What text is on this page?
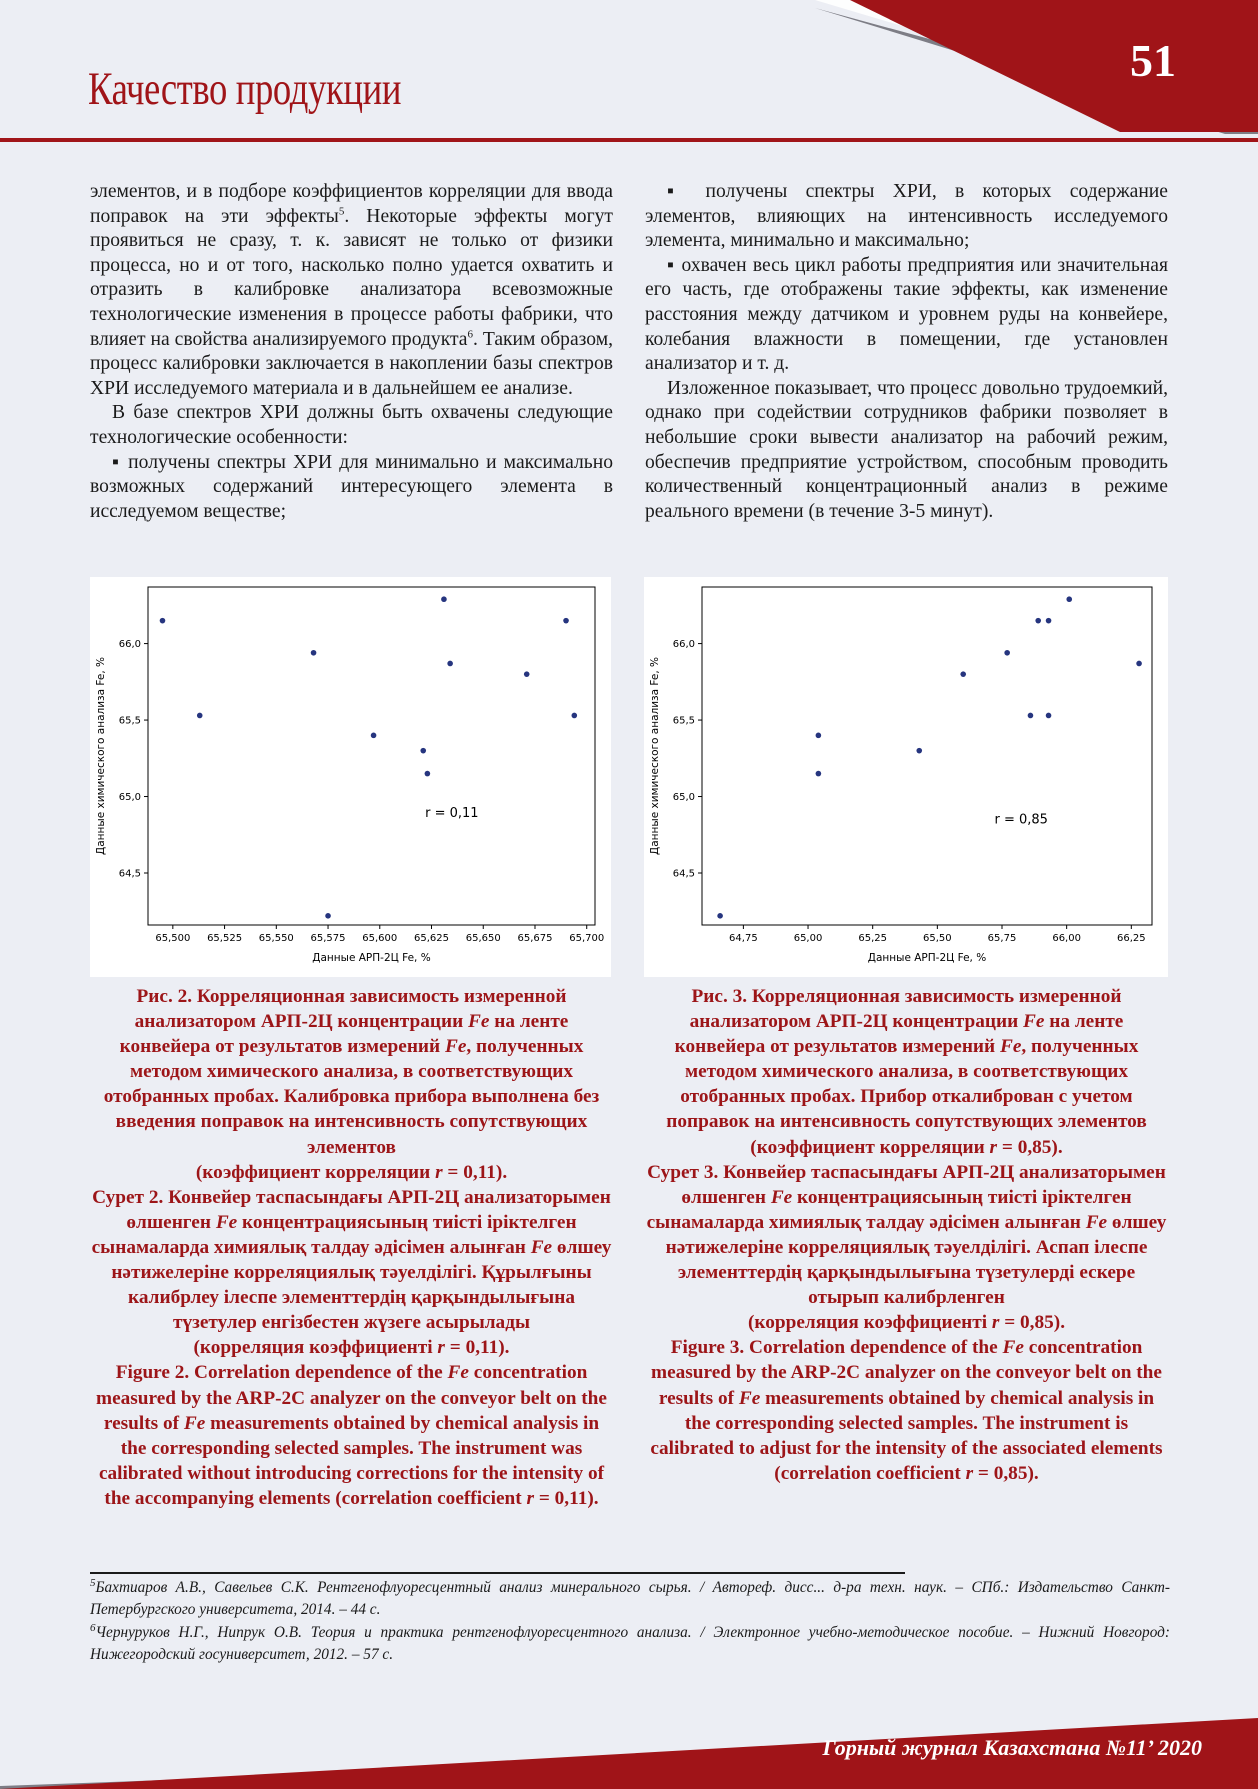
Качество продукции
51

элементов, и в подборе коэффициентов корреляции для ввода поправок на эти эффекты$^5$. Некоторые эффекты могут проявиться не сразу, т. к. зависят не только от физики процесса, но и от того, насколько полно удается охватить и отразить в калибровке анализатора всевозможные технологические изменения в процессе работы фабрики, что влияет на свойства анализируемого продукта$^6$. Таким образом, процесс калибровки заключается в накоплении базы спектров ХРИ исследуемого материала и в дальнейшем ее анализе.

В базе спектров ХРИ должны быть охвачены следующие технологические особенности:

▪ получены спектры ХРИ для минимально и максимально возможных содержаний интересующего элемента в исследуемом веществе;

▪ получены спектры ХРИ, в которых содержание элементов, влияющих на интенсивность исследуемого элемента, минимально и максимально;

▪ охвачен весь цикл работы предприятия или значительная его часть, где отображены такие эффекты, как изменение расстояния между датчиком и уровнем руды на конвейере, колебания влажности в помещении, где установлен анализатор и т. д.

Изложенное показывает, что процесс довольно трудоемкий, однако при содействии сотрудников фабрики позволяет в небольшие сроки вывести анализатор на рабочий режим, обеспечив предприятие устройством, способным проводить количественный концентрационный анализ в режиме реального времени (в течение 3-5 минут).

65,500 65,525 65,550 65,575 65,600 65,625 65,650 65,675 65,700
64,5
65,0
65,5
66,0
Данные АРП-2Ц Fe, %
Данные химического анализа Fe, %	r = 0,11
64,75	65,00	65,25	65,50	65,75	66,00	66,25
64,5
65,0
65,5
66,0
Данные АРП-2Ц Fe, %
Данные химического анализа Fe, %	r = 0,85
Рис. 2. Корреляционная зависимость измеренной анализатором АРП-2Ц концентрации Fe на ленте конвейера от результатов измерений Fe, полученных методом химического анализа, в соответствующих отобранных пробах. Калибровка прибора выполнена без введения поправок на интенсивность сопутствующих элементов
(коэффициент корреляции r = 0,11).
Сурет 2. Конвейер таспасындағы АРП-2Ц анализаторымен өлшенген Fe концентрациясының тиісті іріктелген сынамаларда химиялық талдау әдісімен алынған Fe өлшеу нәтижелеріне корреляциялық тәуелділігі. Құрылғыны калибрлеу ілеспе элементтердің қарқындылығына түзетулер енгізбестен жүзеге асырылады
(корреляция коэффициенті r = 0,11).
Figure 2. Correlation dependence of the Fe concentration measured by the ARP-2C analyzer on the conveyor belt on the results of Fe measurements obtained by chemical analysis in the corresponding selected samples. The instrument was calibrated without introducing corrections for the intensity of the accompanying elements (correlation coefficient r = 0,11).
Рис. 3. Корреляционная зависимость измеренной анализатором АРП-2Ц концентрации Fe на ленте конвейера от результатов измерений Fe, полученных методом химического анализа, в соответствующих отобранных пробах. Прибор откалиброван с учетом поправок на интенсивность сопутствующих элементов
(коэффициент корреляции r = 0,85).
Сурет 3. Конвейер таспасындағы АРП-2Ц анализаторымен өлшенген Fe концентрациясының тиісті іріктелген сынамаларда химиялық талдау әдісімен алынған Fe өлшеу нәтижелеріне корреляциялық тәуелділігі. Аспап ілеспе элементтердің қарқындылығына түзетулерді ескере отырып калибрленген
(корреляция коэффициенті r = 0,85).
Figure 3. Correlation dependence of the Fe concentration measured by the ARP-2C analyzer on the conveyor belt on the results of Fe measurements obtained by chemical analysis in the corresponding selected samples. The instrument is calibrated to adjust for the intensity of the associated elements
(correlation coefficient r = 0,85).
$^5$Бахтиаров А.В., Савельев С.К. Рентгенофлуоресцентный анализ минерального сырья. / Автореф. дисс... д-ра техн. наук. – СПб.: Издательство Санкт-Петербургского университета, 2014. – 44 с.
$^6$Чернуруков Н.Г., Нипрук О.В. Теория и практика рентгенофлуоресцентного анализа. / Электронное учебно-методическое пособие. – Нижний Новгород: Нижегородский госуниверситет, 2012. – 57 с.
Горный журнал Казахстана №11’ 2020
